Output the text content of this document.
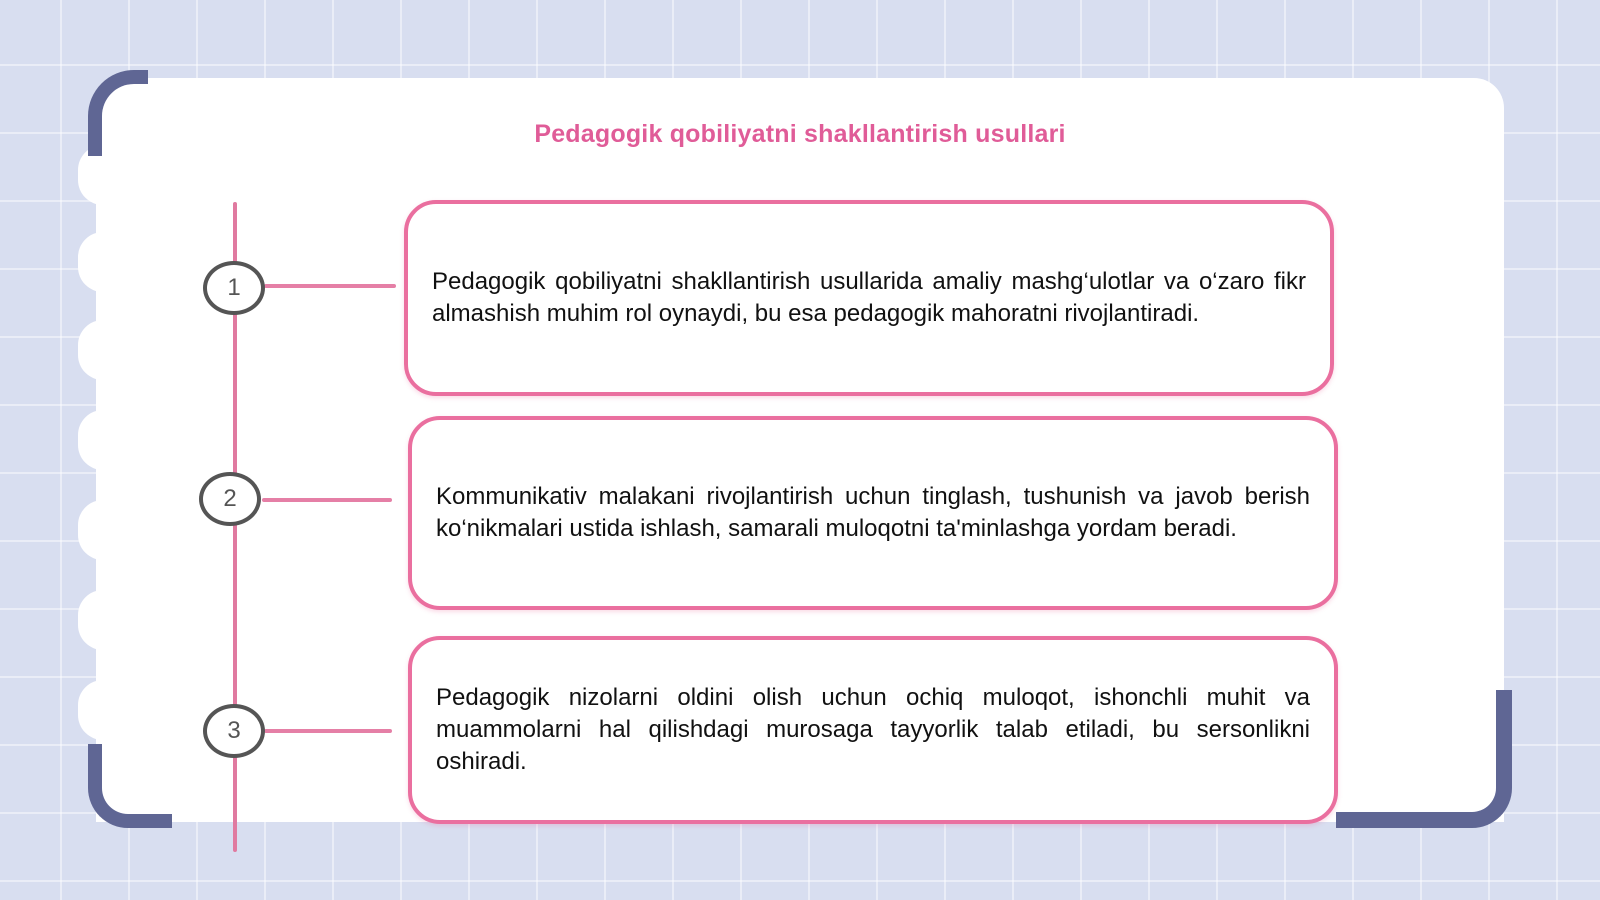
Pedagogik qobiliyatni shakllantirish usullari
1	Pedagogik qobiliyatni shakllantirish usullarida amaliy mashg‘ulotlar va o‘zaro fikr almashish muhim rol oynaydi, bu esa pedagogik mahoratni rivojlantiradi.

2	Kommunikativ malakani rivojlantirish uchun tinglash, tushunish va javob berish ko‘nikmalari ustida ishlash, samarali muloqotni ta'minlashga yordam beradi.

3

Pedagogik nizolarni oldini olish uchun ochiq muloqot, ishonchli muhit va muammolarni hal qilishdagi murosaga tayyorlik talab etiladi, bu sersonlikni oshiradi.
